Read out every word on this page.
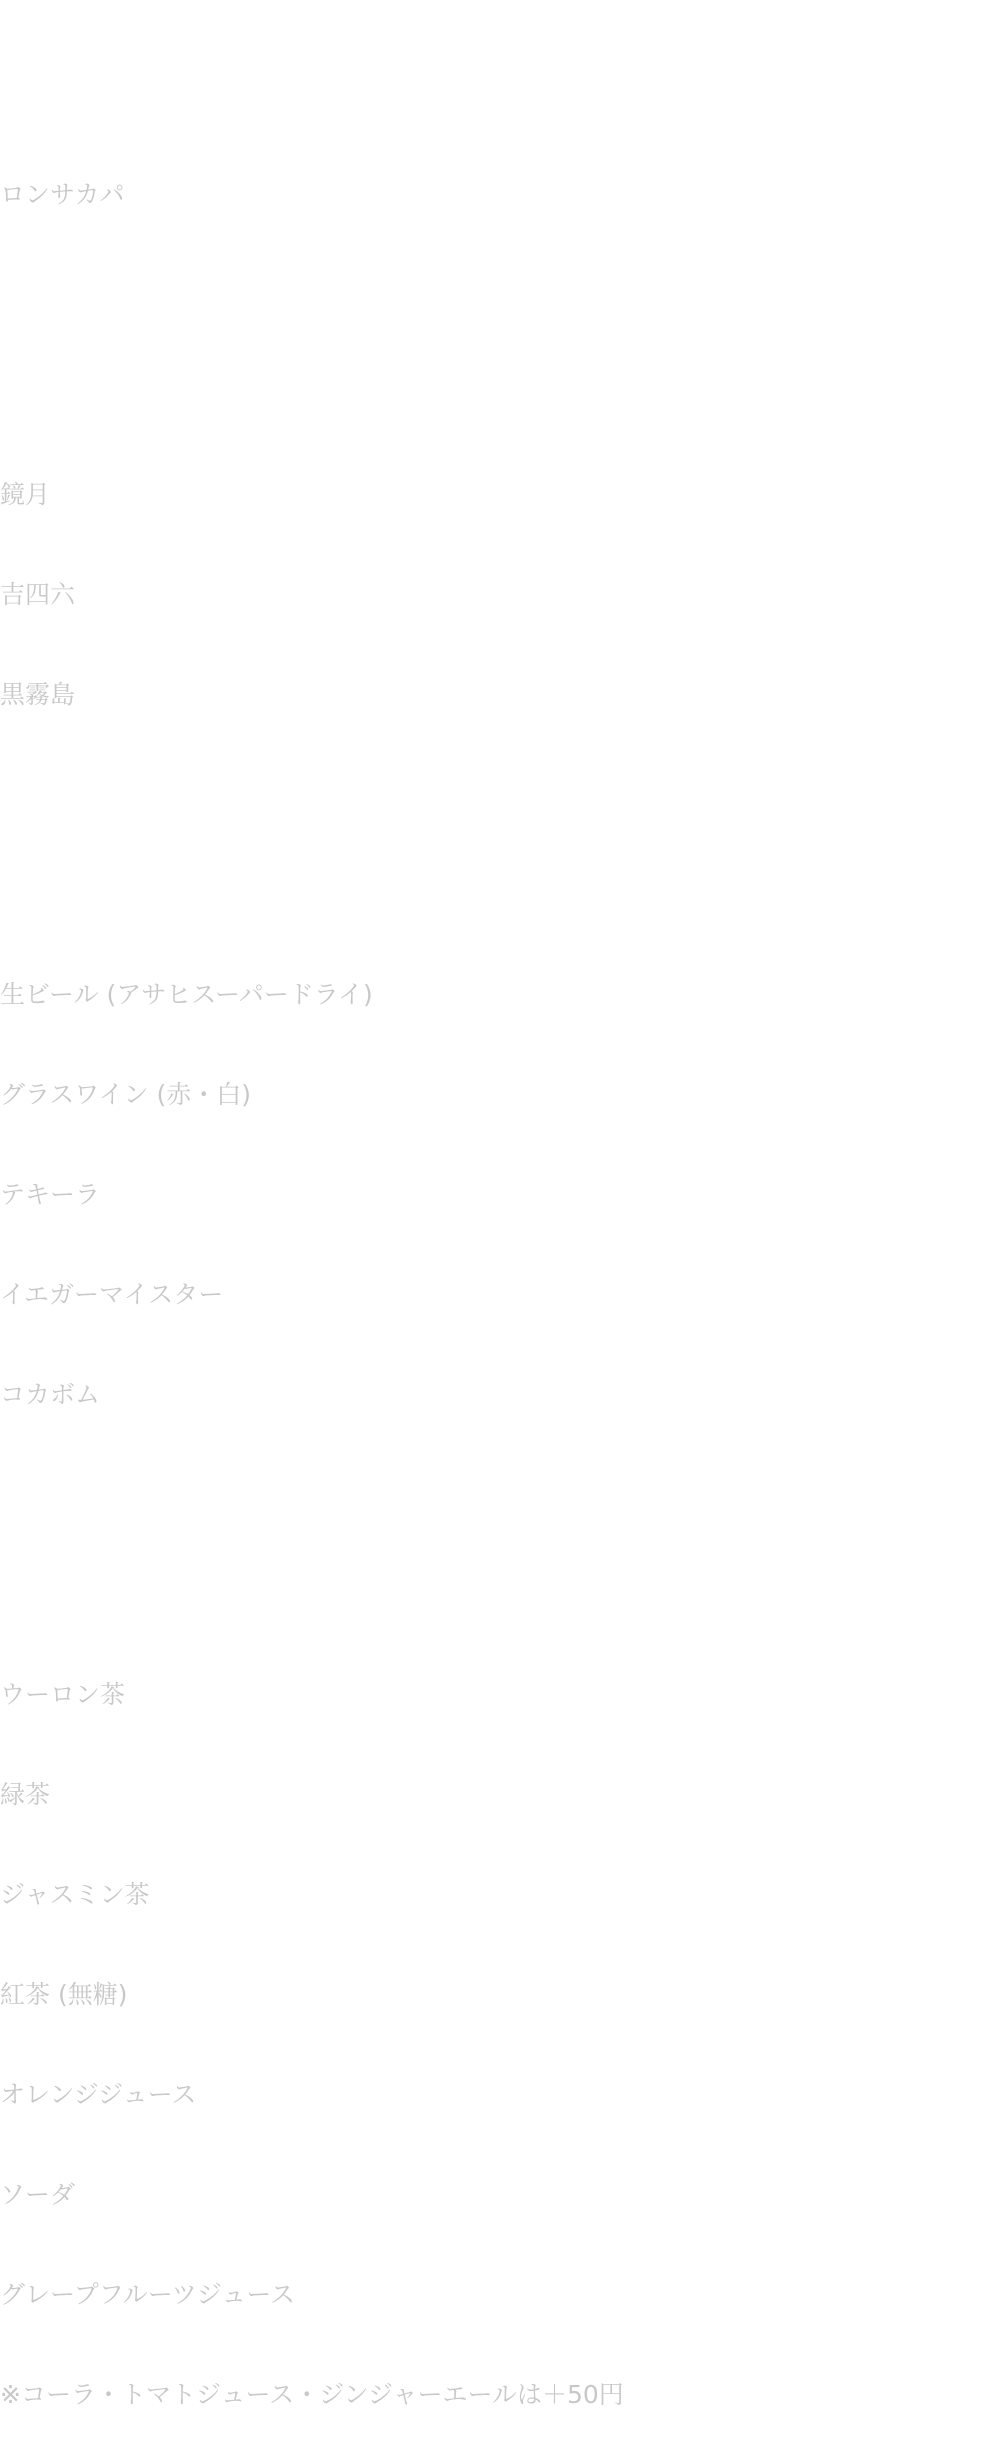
ロンサカパ

鏡月

吉四六

黒霧島

生ビール (アサヒスーパードライ)

グラスワイン (赤・白)

テキーラ

イエガーマイスター

コカボム

ウーロン茶

緑茶

ジャスミン茶

紅茶 (無糖)

オレンジジュース

ソーダ

グレープフルーツジュース

※コーラ・トマトジュース・ジンジャーエールは＋50円
